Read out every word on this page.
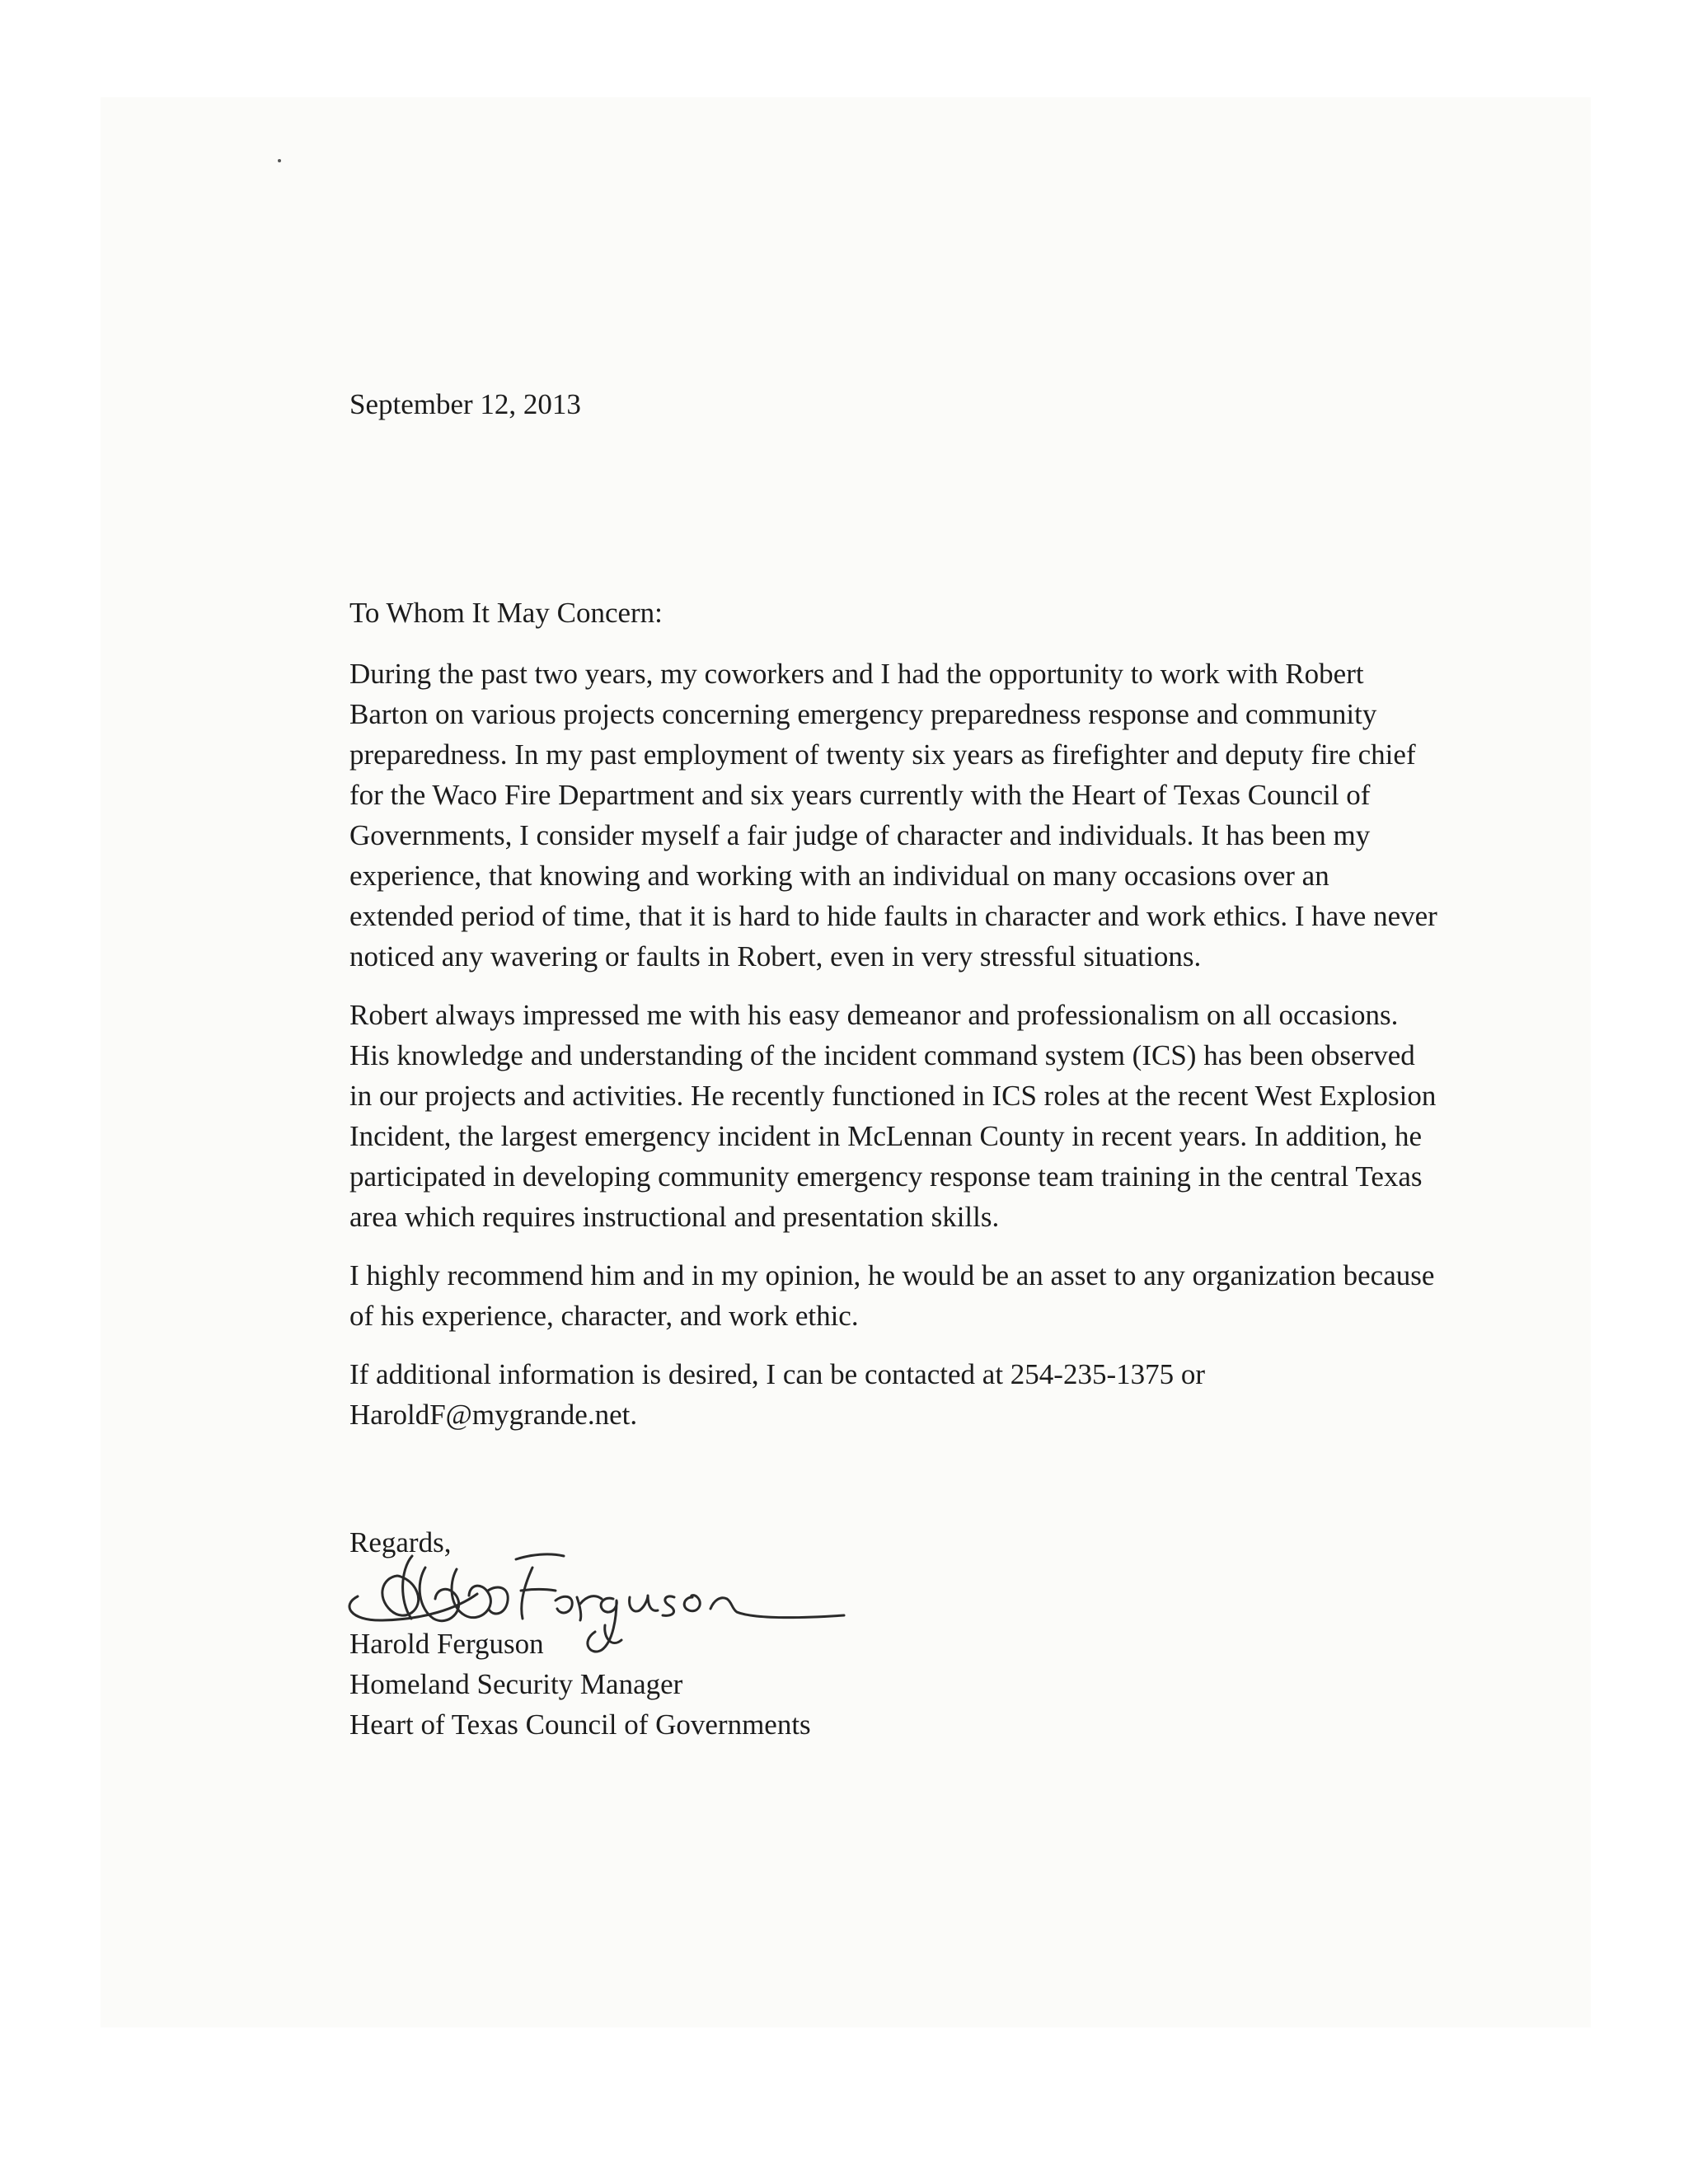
September 12, 2013

To Whom It May Concern:

During the past two years, my coworkers and I had the opportunity to work with Robert Barton on various projects concerning emergency preparedness response and community preparedness. In my past employment of twenty six years as firefighter and deputy fire chief for the Waco Fire Department and six years currently with the Heart of Texas Council of Governments, I consider myself a fair judge of character and individuals. It has been my experience, that knowing and working with an individual on many occasions over an extended period of time, that it is hard to hide faults in character and work ethics. I have never noticed any wavering or faults in Robert, even in very stressful situations.

Robert always impressed me with his easy demeanor and professionalism on all occasions. His knowledge and understanding of the incident command system (ICS) has been observed in our projects and activities. He recently functioned in ICS roles at the recent West Explosion Incident, the largest emergency incident in McLennan County in recent years. In addition, he participated in developing community emergency response team training in the central Texas area which requires instructional and presentation skills.

I highly recommend him and in my opinion, he would be an asset to any organization because of his experience, character, and work ethic.

If additional information is desired, I can be contacted at 254-235-1375 or HaroldF@mygrande.net.

Regards,

Harold Ferguson
Homeland Security Manager
Heart of Texas Council of Governments
